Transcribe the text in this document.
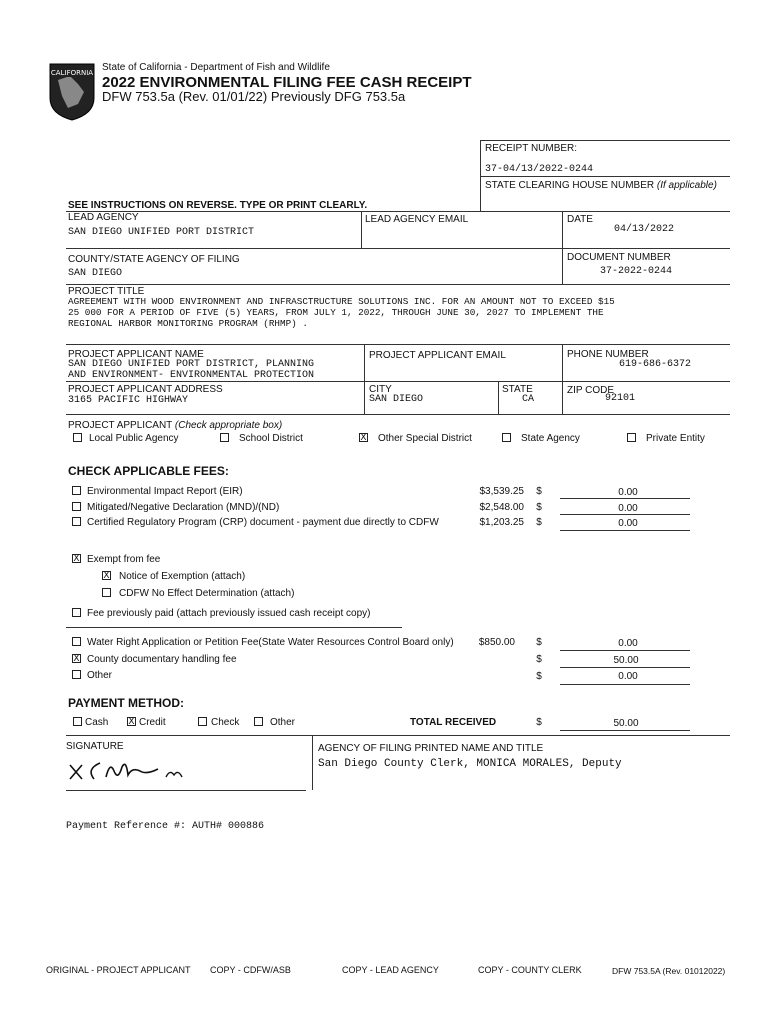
CALIFORNIA State of California - Department of Fish and Wildlife
2022 ENVIRONMENTAL FILING FEE CASH RECEIPT
DFW 753.5a (Rev. 01/01/22) Previously DFG 753.5a
RECEIPT NUMBER:
37-04/13/2022-0244
STATE CLEARING HOUSE NUMBER (If applicable)
SEE INSTRUCTIONS ON REVERSE. TYPE OR PRINT CLEARLY.
LEAD AGENCY
SAN DIEGO UNIFIED PORT DISTRICT
LEAD AGENCY EMAIL	DATE
04/13/2022
COUNTY/STATE AGENCY OF FILING
SAN DIEGO
DOCUMENT NUMBER
37-2022-0244
PROJECT TITLE
AGREEMENT WITH WOOD ENVIRONMENT AND INFRASCTRUCTURE SOLUTIONS INC. FOR AN AMOUNT NOT TO EXCEED $15
25 000 FOR A PERIOD OF FIVE (5) YEARS, FROM JULY 1, 2022, THROUGH JUNE 30, 2027 TO IMPLEMENT THE
REGIONAL HARBOR MONITORING PROGRAM (RHMP) .
PROJECT APPLICANT NAME
SAN DIEGO UNIFIED PORT DISTRICT, PLANNING
AND ENVIRONMENT- ENVIRONMENTAL PROTECTION
PROJECT APPLICANT EMAIL	PHONE NUMBER
619-686-6372
PROJECT APPLICANT ADDRESS
3165 PACIFIC HIGHWAY
CITY
SAN DIEGO
STATE
CA
ZIP CODE
92101
PROJECT APPLICANT (Check appropriate box)
Local Public Agency	School District	X Other Special District	State Agency	Private Entity
CHECK APPLICABLE FEES:
Environmental Impact Report (EIR)	$3,539.25 $	0.00
Mitigated/Negative Declaration (MND)/(ND)	$2,548.00 $	0.00
Certified Regulatory Program (CRP) document - payment due directly to CDFW	$1,203.25 $	0.00
X Exempt from fee
X Notice of Exemption (attach)
CDFW No Effect Determination (attach)
Fee previously paid (attach previously issued cash receipt copy)
Water Right Application or Petition Fee(State Water Resources Control Board only)	$850.00 $	0.00
X County documentary handling fee	$	50.00
Other	$	0.00
PAYMENT METHOD:
Cash X Credit	Check	Other	TOTAL RECEIVED	$	50.00
SIGNATURE	AGENCY OF FILING PRINTED NAME AND TITLE
San Diego County Clerk, MONICA MORALES, Deputy
Payment Reference #: AUTH# 000886
ORIGINAL - PROJECT APPLICANT COPY - CDFW/ASB	COPY - LEAD AGENCY	COPY - COUNTY CLERK	DFW 753.5A (Rev. 01012022)
